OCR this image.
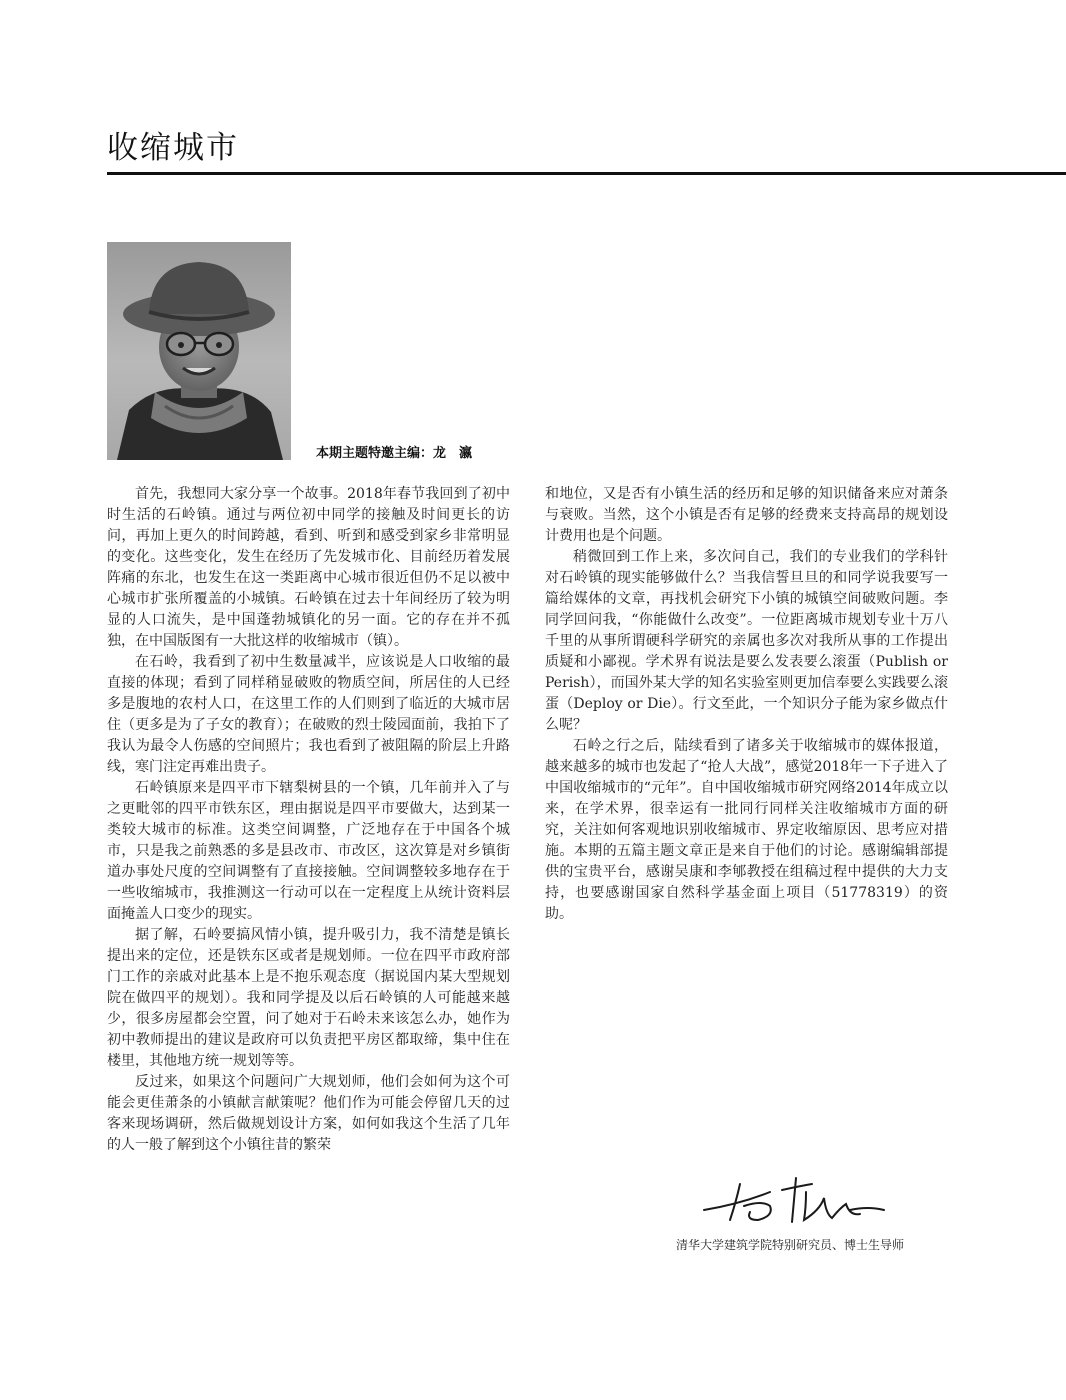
收缩城市
本期主题特邀主编：龙　瀛

首先，我想同大家分享一个故事。2018年春节我回到了初中时生活的石岭镇。通过与两位初中同学的接触及时间更长的访问，再加上更久的时间跨越，看到、听到和感受到家乡非常明显的变化。这些变化，发生在经历了先发城市化、目前经历着发展阵痛的东北，也发生在这一类距离中心城市很近但仍不足以被中心城市扩张所覆盖的小城镇。石岭镇在过去十年间经历了较为明显的人口流失，是中国蓬勃城镇化的另一面。它的存在并不孤独，在中国版图有一大批这样的收缩城市（镇）。

在石岭，我看到了初中生数量减半，应该说是人口收缩的最直接的体现；看到了同样稍显破败的物质空间，所居住的人已经多是腹地的农村人口，在这里工作的人们则到了临近的大城市居住（更多是为了子女的教育）；在破败的烈士陵园面前，我拍下了我认为最令人伤感的空间照片；我也看到了被阻隔的阶层上升路线，寒门注定再难出贵子。

石岭镇原来是四平市下辖梨树县的一个镇，几年前并入了与之更毗邻的四平市铁东区，理由据说是四平市要做大，达到某一类较大城市的标准。这类空间调整，广泛地存在于中国各个城市，只是我之前熟悉的多是县改市、市改区，这次算是对乡镇街道办事处尺度的空间调整有了直接接触。空间调整较多地存在于一些收缩城市，我推测这一行动可以在一定程度上从统计资料层面掩盖人口变少的现实。

据了解，石岭要搞风情小镇，提升吸引力，我不清楚是镇长提出来的定位，还是铁东区或者是规划师。一位在四平市政府部门工作的亲戚对此基本上是不抱乐观态度（据说国内某大型规划院在做四平的规划）。我和同学提及以后石岭镇的人可能越来越少，很多房屋都会空置，问了她对于石岭未来该怎么办，她作为初中教师提出的建议是政府可以负责把平房区都取缔，集中住在楼里，其他地方统一规划等等。

反过来，如果这个问题问广大规划师，他们会如何为这个可能会更佳萧条的小镇献言献策呢？他们作为可能会停留几天的过客来现场调研，然后做规划设计方案，如何如我这个生活了几年的人一般了解到这个小镇往昔的繁荣

和地位，又是否有小镇生活的经历和足够的知识储备来应对萧条与衰败。当然，这个小镇是否有足够的经费来支持高昂的规划设计费用也是个问题。

稍微回到工作上来，多次问自己，我们的专业我们的学科针对石岭镇的现实能够做什么？当我信誓旦旦的和同学说我要写一篇给媒体的文章，再找机会研究下小镇的城镇空间破败问题。李同学回问我，“你能做什么改变”。一位距离城市规划专业十万八千里的从事所谓硬科学研究的亲属也多次对我所从事的工作提出质疑和小鄙视。学术界有说法是要么发表要么滚蛋（Publish or Perish），而国外某大学的知名实验室则更加信奉要么实践要么滚蛋（Deploy or Die）。行文至此，一个知识分子能为家乡做点什么呢？

石岭之行之后，陆续看到了诸多关于收缩城市的媒体报道，越来越多的城市也发起了“抢人大战”，感觉2018年一下子进入了中国收缩城市的“元年”。自中国收缩城市研究网络2014年成立以来，在学术界，很幸运有一批同行同样关注收缩城市方面的研究，关注如何客观地识别收缩城市、界定收缩原因、思考应对措施。本期的五篇主题文章正是来自于他们的讨论。感谢编辑部提供的宝贵平台，感谢吴康和李郇教授在组稿过程中提供的大力支持，也要感谢国家自然科学基金面上项目（51778319）的资助。

清华大学建筑学院特别研究员、博士生导师
